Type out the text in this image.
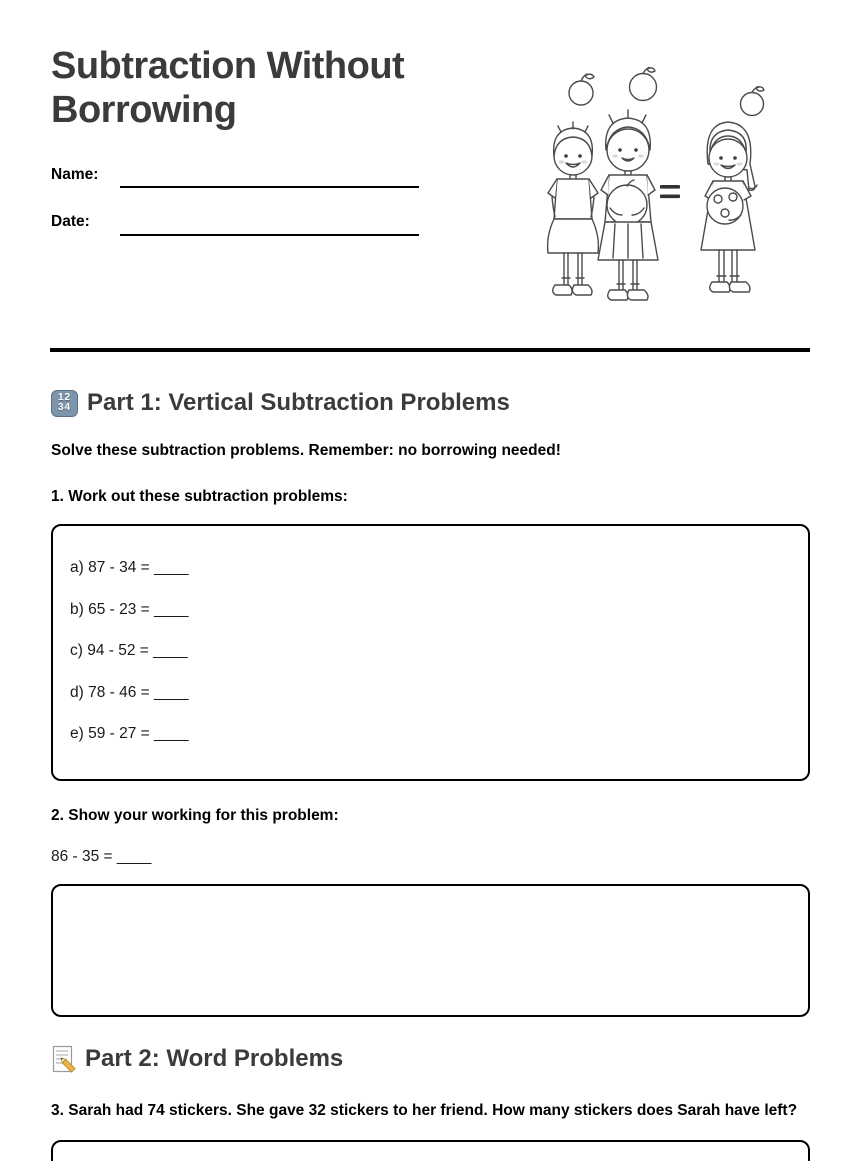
Subtraction Without Borrowing
Name:
Date:
12
34 Part 1: Vertical Subtraction Problems
Solve these subtraction problems. Remember: no borrowing needed!
1. Work out these subtraction problems:
a) 87 - 34 = ____
b) 65 - 23 = ____
c) 94 - 52 = ____
d) 78 - 46 = ____
e) 59 - 27 = ____
2. Show your working for this problem:
86 - 35 = ____
Part 2: Word Problems
3. Sarah had 74 stickers. She gave 32 stickers to her friend. How many stickers does Sarah have left?
